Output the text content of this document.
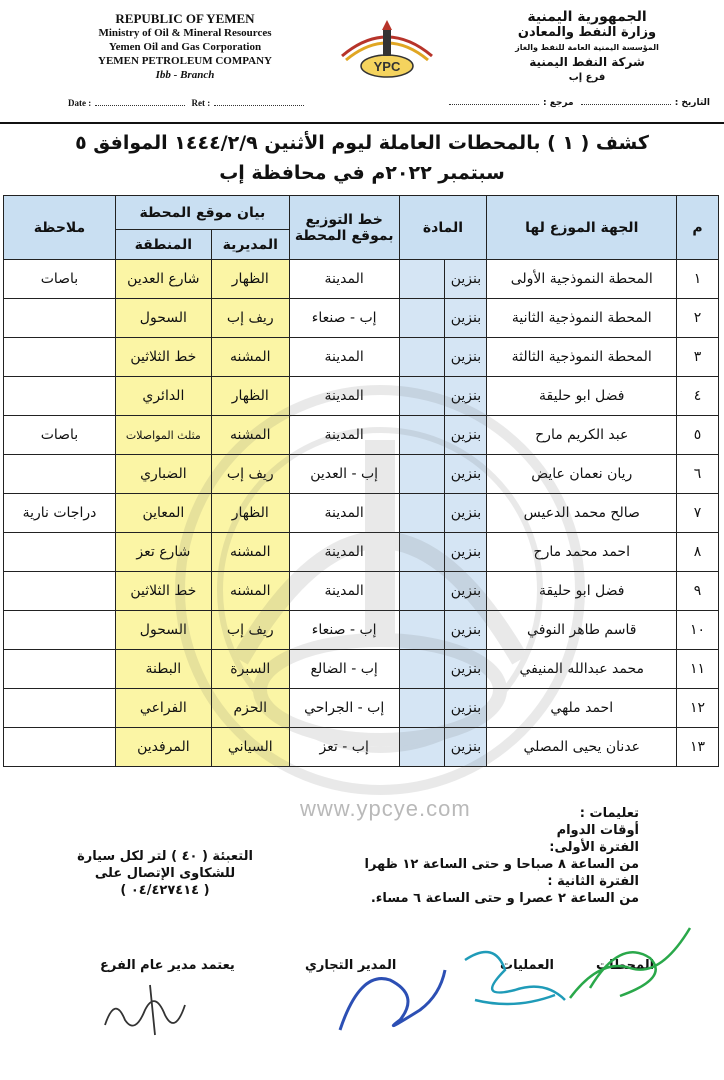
REPUBLIC OF YEMEN
Ministry of Oil & Mineral Resources
Yemen Oil and Gas Corporation
YEMEN PETROLEUM COMPANY
Ibb - Branch
YPC
الجمهورية اليمنية
وزارة النفط والمعادن
المؤسسة اليمنية العامة للنفط والغاز
شركة النفط اليمنية
فرع إب
Date :	Ret :	التاريخ : مرجع :
كشف ( ١ ) بالمحطات العاملة ليوم الأثنين ١٤٤٤/٢/٩ الموافق ٥ سبتمبر ٢٠٢٢م في محافظة إب
م	الجهة الموزع لها	المادة		خط التوزيع بموقع المحطة	بيان موقع المحطة		ملاحظة
					المديرية	المنطقة	
١	المحطة النموذجية الأولى	بنزين		المدينة	الظهار	شارع العدين	باصات
٢	المحطة النموذجية الثانية	بنزين		إب - صنعاء	ريف إب	السحول	
٣	المحطة النموذجية الثالثة	بنزين		المدينة	المشنه	خط الثلاثين	
٤	فضل ابو حليقة	بنزين		المدينة	الظهار	الدائري	
٥	عبد الكريم مارح	بنزين		المدينة	المشنه	مثلث المواصلات	باصات
٦	ريان نعمان عايض	بنزين		إب - العدين	ريف إب	الضباري	
٧	صالح محمد الدعيس	بنزين		المدينة	الظهار	المعاين	دراجات نارية
٨	احمد محمد مارح	بنزين		المدينة	المشنه	شارع تعز	
٩	فضل ابو حليقة	بنزين		المدينة	المشنه	خط الثلاثين	
١٠	قاسم طاهر النوفي	بنزين		إب - صنعاء	ريف إب	السحول	
١١	محمد عبدالله المنيفي	بنزين		إب - الضالع	السبرة	البطنة	
١٢	احمد ملهي	بنزين		إب - الجراحي	الحزم	الفراعي	
١٣	عدنان يحيى المصلي	بنزين		إب - تعز	السياني	المرفدين	
www.ypcye.com	تعليمات :
أوقات الدوام
الفترة الأولى:
من الساعة ٨ صباحا و حتى الساعة ١٢ ظهرا
الفترة الثانية :
من الساعة ٢ عصرا و حتى الساعة ٦ مساء.
التعبئة ( ٤٠ ) لتر لكل سيارة
للشكاوى الإتصال على
( ٠٤/٤٢٧٤١٤ )
المحطات
العمليات
المدير التجاري
يعتمد مدير عام الفرع
